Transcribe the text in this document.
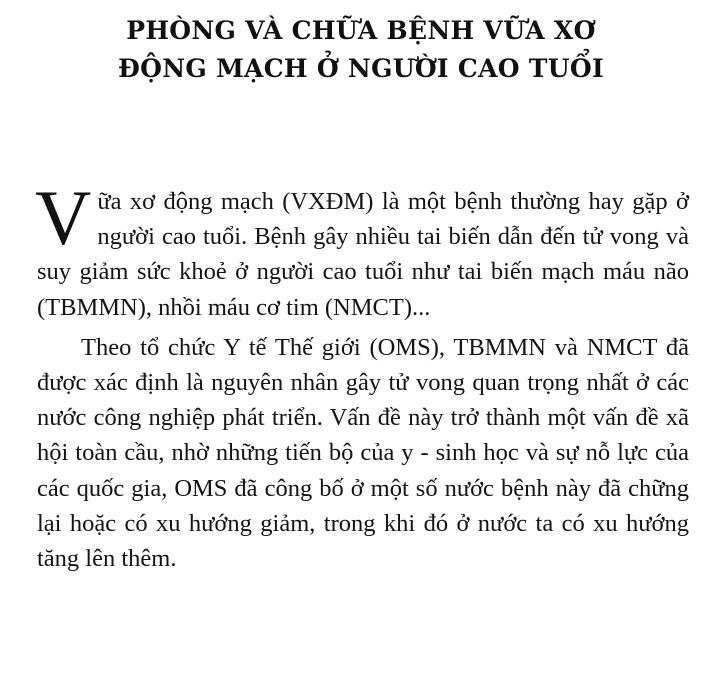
PHÒNG VÀ CHỮA BỆNH VỮA XƠ
ĐỘNG MẠCH Ở NGƯỜI CAO TUỔI

Vữa xơ động mạch (VXĐM) là một bệnh thường hay gặp ở người cao tuổi. Bệnh gây nhiều tai biến dẫn đến tử vong và suy giảm sức khoẻ ở người cao tuổi như tai biến mạch máu não (TBMMN), nhồi máu cơ tim (NMCT)...

Theo tổ chức Y tế Thế giới (OMS), TBMMN và NMCT đã được xác định là nguyên nhân gây tử vong quan trọng nhất ở các nước công nghiệp phát triển. Vấn đề này trở thành một vấn đề xã hội toàn cầu, nhờ những tiến bộ của y - sinh học và sự nỗ lực của các quốc gia, OMS đã công bố ở một số nước bệnh này đã chững lại hoặc có xu hướng giảm, trong khi đó ở nước ta có xu hướng tăng lên thêm.
